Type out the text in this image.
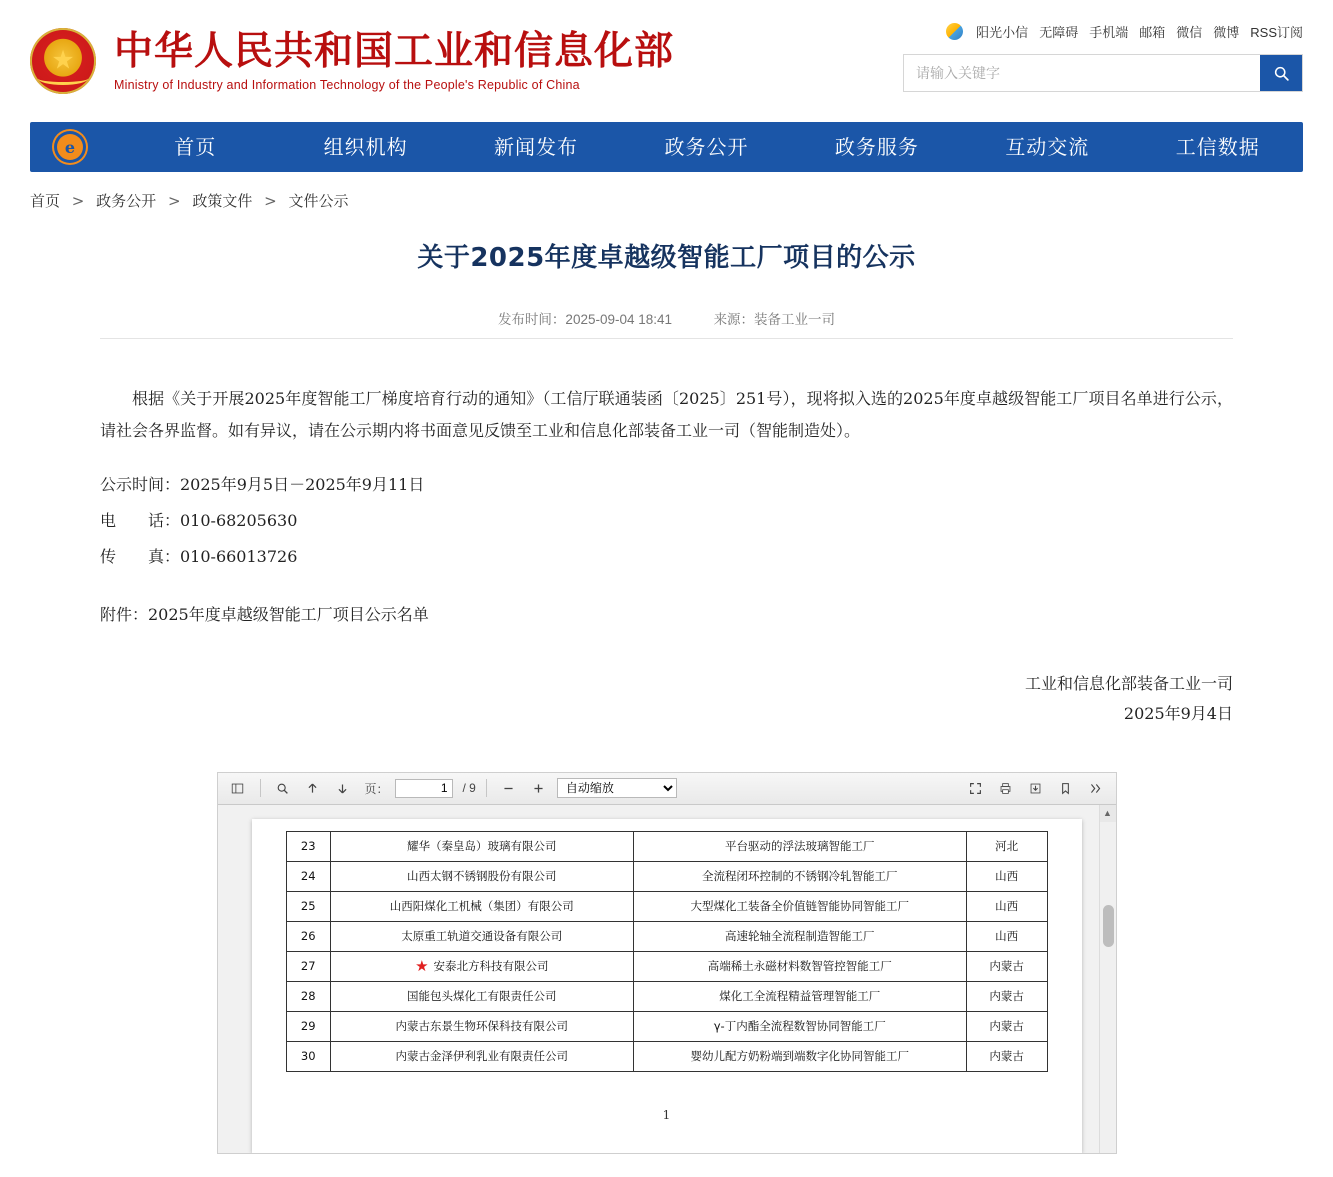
★
中华人民共和国工业和信息化部
Ministry of Industry and Information Technology of the People's Republic of China
阳光小信 无障碍 手机端 邮箱 微信 微博 RSS订阅
请输入关键字
e
首页	组织机构	新闻发布	政务公开	政务服务	互动交流	工信数据
首页 > 政务公开 > 政策文件 > 文件公示
关于2025年度卓越级智能工厂项目的公示
发布时间：2025-09-04 18:41	来源：装备工业一司

根据《关于开展2025年度智能工厂梯度培育行动的通知》（工信厅联通装函〔2025〕251号），现将拟入选的2025年度卓越级智能工厂项目名单进行公示，请社会各界监督。如有异议，请在公示期内将书面意见反馈至工业和信息化部装备工业一司（智能制造处）。

公示时间：2025年9月5日－2025年9月11日

电　　话：010-68205630

传　　真：010-66013726

附件：2025年度卓越级智能工厂项目公示名单

工业和信息化部装备工业一司
2025年9月4日
页：
1	/ 9
自动缩放
23	耀华（秦皇岛）玻璃有限公司	平台驱动的浮法玻璃智能工厂	河北
24	山西太钢不锈钢股份有限公司	全流程闭环控制的不锈钢冷轧智能工厂	山西
25	山西阳煤化工机械（集团）有限公司	大型煤化工装备全价值链智能协同智能工厂	山西
26	太原重工轨道交通设备有限公司	高速轮轴全流程制造智能工厂	山西
27	★ 安泰北方科技有限公司	高端稀土永磁材料数智管控智能工厂	内蒙古
28	国能包头煤化工有限责任公司	煤化工全流程精益管理智能工厂	内蒙古
29	内蒙古东景生物环保科技有限公司	γ-丁内酯全流程数智协同智能工厂	内蒙古
30	内蒙古金泽伊利乳业有限责任公司	婴幼儿配方奶粉端到端数字化协同智能工厂	内蒙古
1
▲
